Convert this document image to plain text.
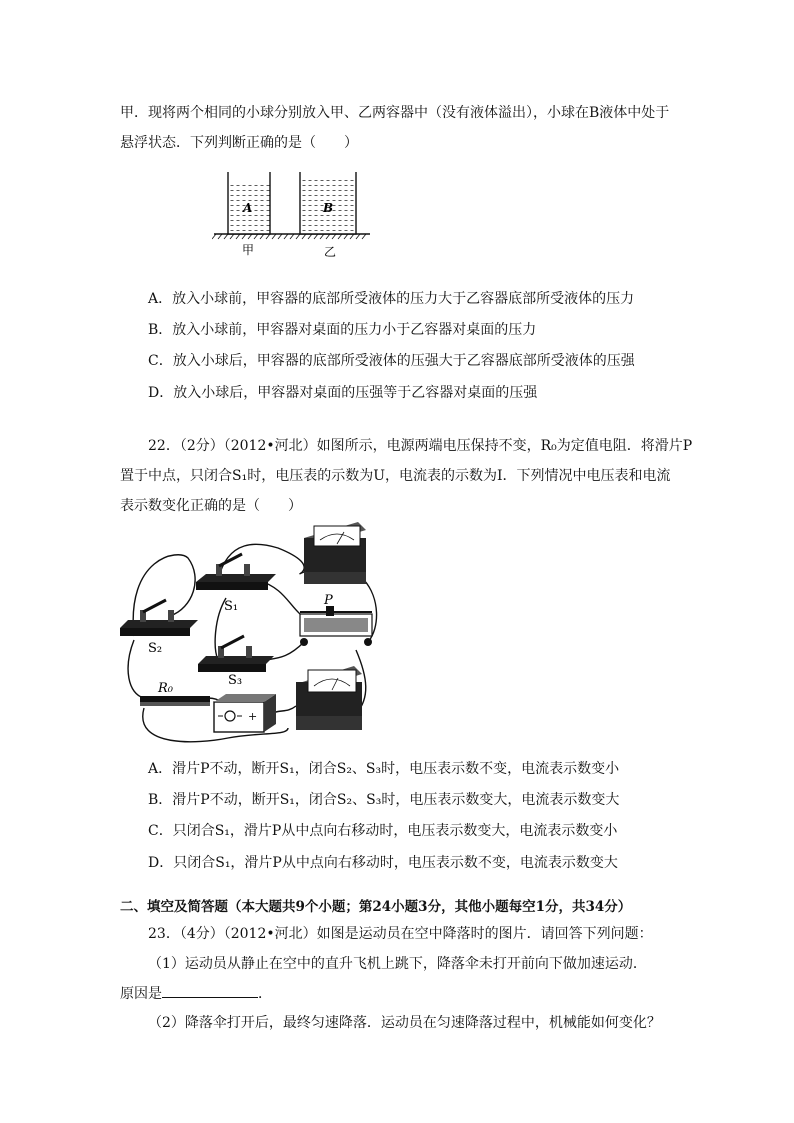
甲．现将两个相同的小球分别放入甲、乙两容器中（没有液体溢出），小球在B液体中处于
悬浮状态．下列判断正确的是（　　）
A	B
甲	乙
A．放入小球前，甲容器的底部所受液体的压力大于乙容器底部所受液体的压力
B．放入小球前，甲容器对桌面的压力小于乙容器对桌面的压力
C．放入小球后，甲容器的底部所受液体的压强大于乙容器底部所受液体的压强
D．放入小球后，甲容器对桌面的压强等于乙容器对桌面的压强
22．（2分）（2012•河北）如图所示，电源两端电压保持不变，R₀为定值电阻．将滑片P
置于中点，只闭合S₁时，电压表的示数为U，电流表的示数为I．下列情况中电压表和电流
表示数变化正确的是（　　）
S₁
S₂
S₃
R₀
+
P
A．滑片P不动，断开S₁，闭合S₂、S₃时，电压表示数不变，电流表示数变小
B．滑片P不动，断开S₁，闭合S₂、S₃时，电压表示数变大，电流表示数变大
C．只闭合S₁，滑片P从中点向右移动时，电压表示数变大，电流表示数变小
D．只闭合S₁，滑片P从中点向右移动时，电压表示数不变，电流表示数变大
二、填空及简答题（本大题共9个小题；第24小题3分，其他小题每空1分，共34分）
23．（4分）（2012•河北）如图是运动员在空中降落时的图片．请回答下列问题：
（1）运动员从静止在空中的直升飞机上跳下，降落伞未打开前向下做加速运动．
原因是	．
（2）降落伞打开后，最终匀速降落．运动员在匀速降落过程中，机械能如何变化？
